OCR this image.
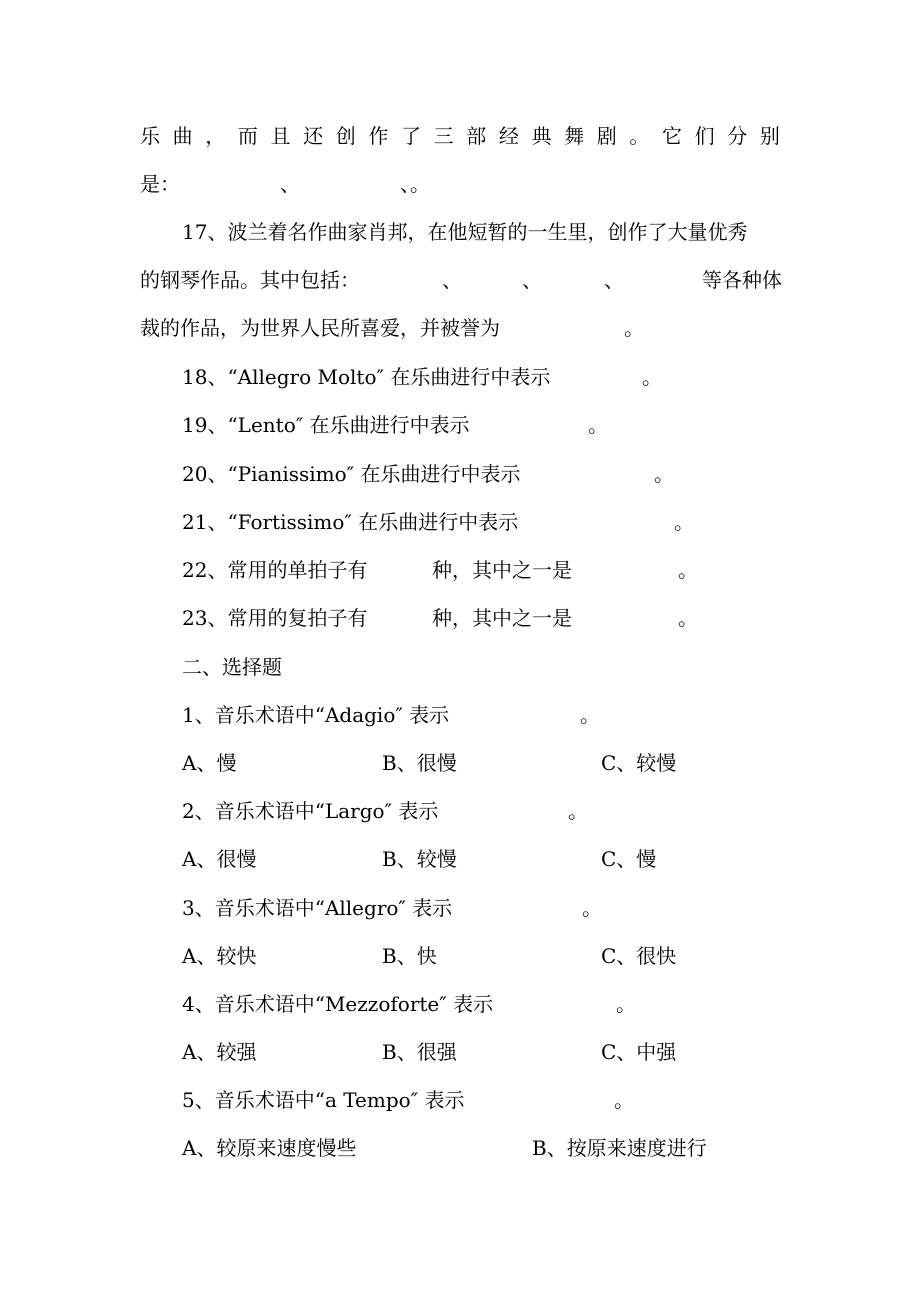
乐 曲 ， 而 且 还 创 作 了 三 部 经 典 舞 剧 。 它 们 分 别
是：	、	、。
17、波兰着名作曲家肖邦，在他短暂的一生里，创作了大量优秀
的钢琴作品。其中包括：	、	、	、	等各种体
裁的作品，为世界人民所喜爱，并被誉为	。
18、“Allegro Molto″ 在乐曲进行中表示	。
19、“Lento″ 在乐曲进行中表示	。
20、“Pianissimo″ 在乐曲进行中表示	。
21、“Fortissimo″ 在乐曲进行中表示	。
22、常用的单拍子有	种，其中之一是	。
23、常用的复拍子有	种，其中之一是	。
二、选择题
1、音乐术语中“Adagio″ 表示	。
A、慢	B、很慢	C、较慢
2、音乐术语中“Largo″ 表示	。
A、很慢	B、较慢	C、慢
3、音乐术语中“Allegro″ 表示	。
A、较快	B、快	C、很快
4、音乐术语中“Mezzoforte″ 表示	。
A、较强	B、很强	C、中强
5、音乐术语中“a Tempo″ 表示	。
A、较原来速度慢些	B、按原来速度进行
